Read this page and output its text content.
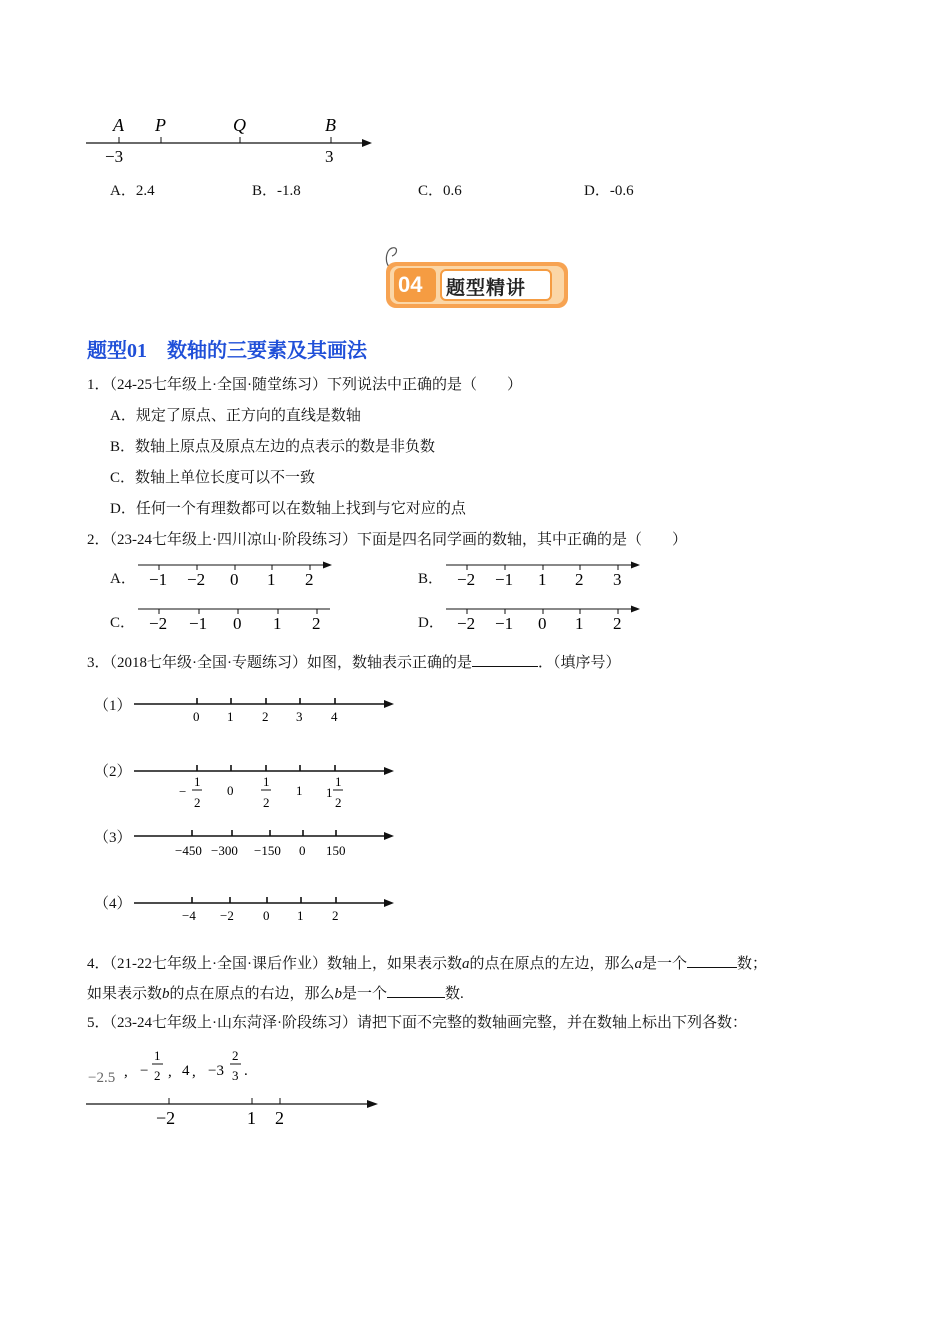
A P	Q	B
−3	3
A．2.4	B．-1.8	C．0.6	D．-0.6
04 题型精讲
题型01　数轴的三要素及其画法
1．（24-25七年级上·全国·随堂练习）下列说法中正确的是（　　）
A．规定了原点、正方向的直线是数轴
B．数轴上原点及原点左边的点表示的数是非负数
C．数轴上单位长度可以不一致
D．任何一个有理数都可以在数轴上找到与它对应的点
2．（23-24七年级上·四川凉山·阶段练习）下面是四名同学画的数轴，其中正确的是（　　）
A． −1 −2 0 1 2	B． −2 −1 1 2 3
C． −2 −1 0 1 2	D． −2 −1 0 1 2
3．（2018七年级·全国·专题练习）如图，数轴表示正确的是	．（填序号）
（1）
0 1 2 3 4
（2）
−
1
2
0
1
2
1 1
1
2
（3）
−450 −300 −150 0 150
（4）
−4 −2 0 1 2
4．（21-22七年级上·全国·课后作业）数轴上，如果表示数a的点在原点的左边，那么a是一个	数；
如果表示数b的点在原点的右边，那么b是一个	数.
5．（23-24七年级上·山东菏泽·阶段练习）请把下面不完整的数轴画完整，并在数轴上标出下列各数：
−2.5 , −
1
2 , 4 , −3
2
3 .
−2	1 2
